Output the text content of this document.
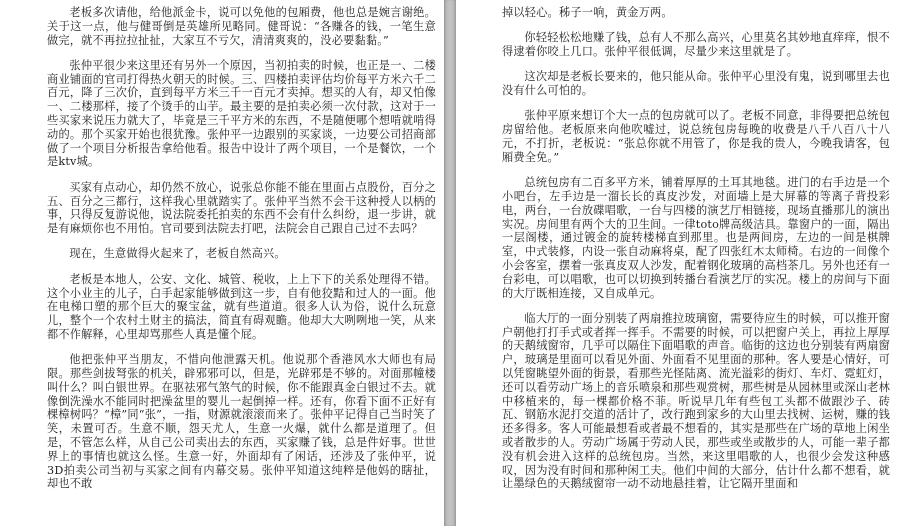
老板多次请他，给他派金卡，说可以免他的包厢费，他也总是婉言谢绝。关于这一点，他与健哥倒是英雄所见略同。健哥说：“各赚各的钱，一笔生意做完，就不再拉拉扯扯，大家互不亏欠，清清爽爽的，没必要黏黏。”

张仲平很少来这里还有另外一个原因，当初拍卖的时候，也正是一、二楼商业铺面的官司打得热火朝天的时候。三、四楼拍卖评估均价每平方米六千二百元，降了三次价，直到每平方米三千一百元才卖掉。想买的人有，却又怕像一、二楼那样，接了个烫手的山芋。最主要的是拍卖必须一次付款，这对于一些买家来说压力就大了，毕竟是三千平方米的东西，不是随便哪个想啃就啃得动的。那个买家开始也很犹豫。张仲平一边跟别的买家谈，一边要公司招商部做了一个项目分析报告拿给他看。报告中设计了两个项目，一个是餐饮，一个是ktv城。

买家有点动心，却仍然不放心，说张总你能不能在里面占点股份，百分之五、百分之三都行，这样我心里就踏实了。张仲平当然不会干这种授人以柄的事，只得反复游说他，说法院委托拍卖的东西不会有什么纠纷，退一步讲，就是有麻烦你也不用怕。官司要到法院去打吧，法院会自己跟自己过不去吗？

现在，生意做得火起来了，老板自然高兴。

老板是本地人，公安、文化、城管、税收，上上下下的关系处理得不错。这个小业主的儿子，白手起家能够做到这一步，自有他狡黠和过人的一面。他在电梯口塑的那个巨大的聚宝盆，就有些道道。很多人认为俗，说什么玩意儿，整个一个农村土财主的搞法，简直有碍观瞻。他却大大咧咧地一笑，从来都不作解释，心里却骂那些人真是懂个屁。

他把张仲平当朋友，不惜向他泄露天机。他说那个香港风水大师也有局限。那些剑拔弩张的机关，辟邪邪可以，但是，光辟邪是不够的。对面那幢楼叫什么？叫白银世界。在驱祛邪气煞气的时候，你不能跟真金白银过不去。就像倒洗澡水不能同时把澡盆里的婴儿一起倒掉一样。还有，你看下面不正好有棵樟树吗？“樟”同“张”，一指，财源就滚滚而来了。张仲平记得自己当时笑了笑，未置可否。生意不顺，怨天尤人，生意一火爆，就什么都是道理了。但是，不管怎么样，从自己公司卖出去的东西，买家赚了钱，总是件好事。世世界上的事情也就这么怪。生意一好，外面却有了闲话，还涉及了张仲平，说3D拍卖公司当初与买家之间有内幕交易。张仲平知道这纯粹是他妈的瞎扯，却也不敢

掉以轻心。秭子一响，黄金万两。

你轻轻松松地赚了钱，总有人不那么高兴，心里莫名其妙地直痒痒，恨不得逮着你咬上几口。张仲平很低调，尽量少来这里就是了。

这次却是老板长要来的，他只能从命。张仲平心里没有鬼，说到哪里去也没有什么可怕的。

张仲平原来想订个大一点的包房就可以了。老板不同意，非得要把总统包房留给他。老板原来向他吹嘘过，说总统包房每晚的收费是八千八百八十八元，不打折，老板说：“张总你就不用管了，你是我的贵人，今晚我请客，包厢费全免。”

总统包房有二百多平方米，铺着厚厚的土耳其地毯。进门的右手边是一个小吧台，左手边是一溜长长的真皮沙发，对面墙上是大屏幕的等离子背投彩电，两台，一台放碟唱歌，一台与四楼的演艺厅相链接，现场直播那儿的演出实况。房间里有两个大的卫生间。一律toto牌高级洁具。靠窗户的一面，隔出一层阁楼，通过镀金的旋转楼梯直到那里。也是两间房，左边的一间是棋牌室，中式装修，内设一张自动麻将桌，配了四张红木太师椅。右边的一间像个小会客室，摆着一张真皮双人沙发，配着钢化玻璃的高档茶几。另外也还有一台彩电，可以唱歌，也可以切换到转播台看演艺厅的实况。楼上的房间与下面的大厅既相连接，又自成单元。

临大厅的一面分别装了两扇推拉玻璃窗，需要待应生的时候，可以推开窗户朝他打打手式或者挥一挥手。不需要的时候，可以把窗户关上，再拉上厚厚的天鹅绒窗帘，几乎可以隔住下面唱歌的声音。临街的这边也分别装有两扇窗户，玻璃是里面可以看见外面、外面看不见里面的那种。客人要是心情好，可以凭窗眺望外面的街景，看那些光怪陆离、流光溢彩的街灯、车灯、霓虹灯，还可以看劳动广场上的音乐喷泉和那些观赏树，那些树是从园林里或深山老林中移植来的，每一棵都价格不菲。听说早几年有些包工头都不做跟沙子、砖瓦、钢筋水泥打交道的活计了，改行跑到家乡的大山里去找树、运树，赚的钱还多得多。客人可能最想看或者最不想看的，其实是那些在广场的草地上闲坐或者散步的人。劳动广场属于劳动人民，那些或坐或散步的人，可能一辈子都没有机会进入这样的总统包房。当然，来这里唱歌的人，也很少会发这种感叹，因为没有时间和那种闲工夫。他们中间的大部分，估计什么都不想看，就让墨绿色的天鹅绒窗帘一动不动地悬挂着，让它隔开里面和
